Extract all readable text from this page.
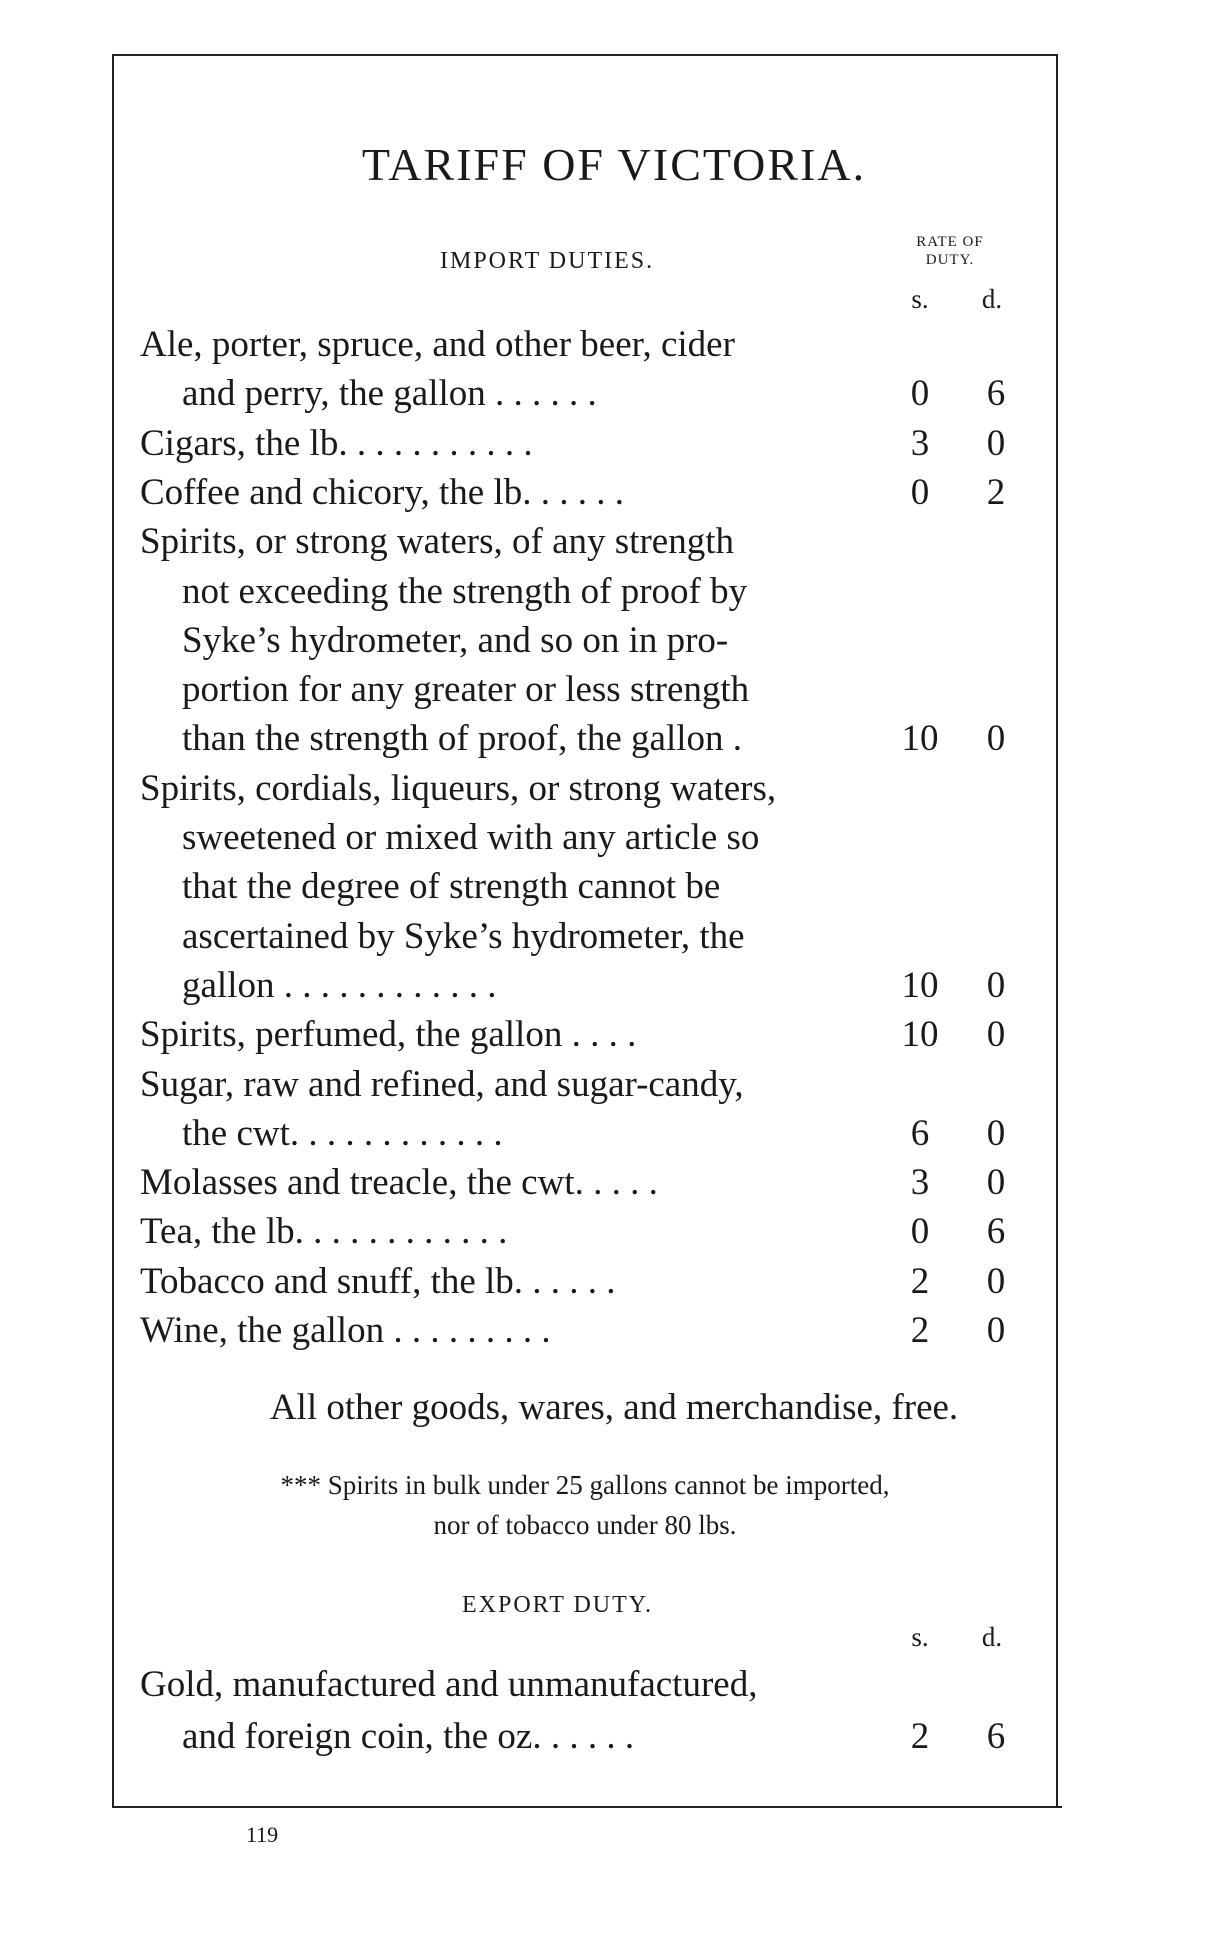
TARIFF OF VICTORIA.
IMPORT DUTIES.
RATE OF
DUTY.
s.	d.
Ale, porter, spruce, and other beer, cider
and perry, the gallon . . . . . .	0	6
Cigars, the lb. . . . . . . . . . .	3	0
Coffee and chicory, the lb. . . . . .	0	2
Spirits, or strong waters, of any strength
not exceeding the strength of proof by
Syke’s hydrometer, and so on in pro-
portion for any greater or less strength
than the strength of proof, the gallon .	10	0
Spirits, cordials, liqueurs, or strong waters,
sweetened or mixed with any article so
that the degree of strength cannot be
ascertained by Syke’s hydrometer, the
gallon . . . . . . . . . . . .	10	0
Spirits, perfumed, the gallon . . . .	10	0
Sugar, raw and refined, and sugar-candy,
the cwt. . . . . . . . . . . .	6	0
Molasses and treacle, the cwt. . . . .	3	0
Tea, the lb. . . . . . . . . . . .	0	6
Tobacco and snuff, the lb. . . . . .	2	0
Wine, the gallon . . . . . . . . .	2	0
All other goods, wares, and merchandise, free.
*** Spirits in bulk under 25 gallons cannot be imported,
nor of tobacco under 80 lbs.
EXPORT DUTY.
s.	d.
Gold, manufactured and unmanufactured,
and foreign coin, the oz. . . . . .	2	6
119
